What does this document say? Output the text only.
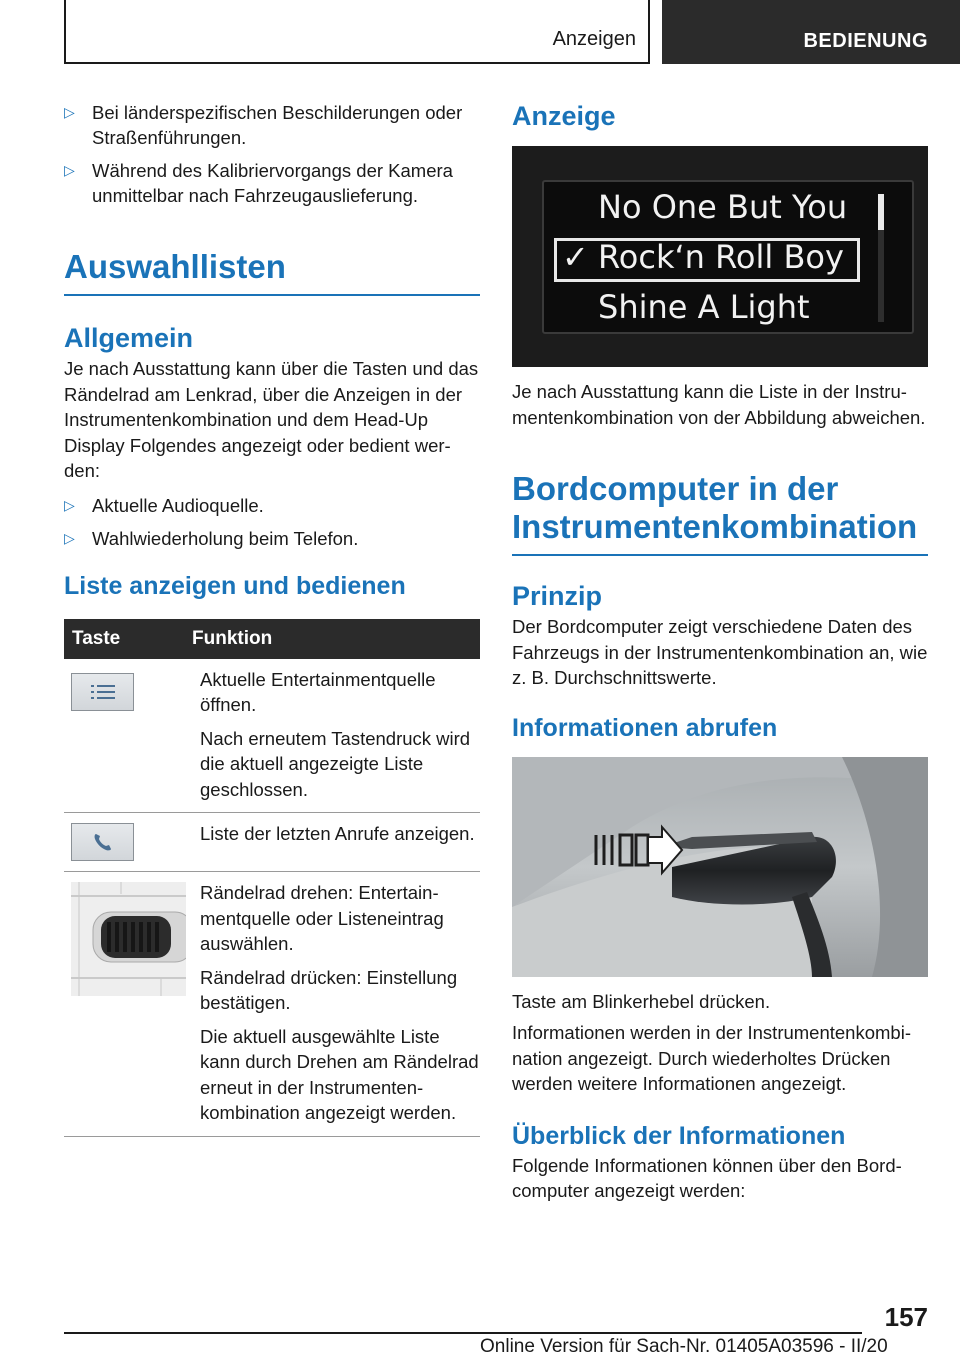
Anzeigen	BEDIENUNG
▷ Bei länderspezifischen Beschilderungen oder Straßenführungen.
▷ Während des Kalibriervorgangs der Kamera unmittelbar nach Fahrzeugauslieferung.
Auswahllisten
Allgemein

Je nach Ausstattung kann über die Tasten und das Rändelrad am Lenkrad, über die Anzeigen in der Instrumentenkombination und dem Head-Up Display Folgendes angezeigt oder bedient werden:

▷ Aktuelle Audioquelle.
▷ Wahlwiederholung beim Telefon.
Liste anzeigen und bedienen
Taste	Funktion
Aktuelle Entertainmentquelle öffnen.
Nach erneutem Tastendruck wird die aktuell angezeigte Liste geschlossen.
Liste der letzten Anrufe anzeigen.
Rändelrad drehen: Entertainmentquelle oder Listeneintrag auswählen.
Rändelrad drücken: Einstellung bestätigen.
Die aktuell ausgewählte Liste kann durch Drehen am Rändelrad erneut in der Instrumentenkombination angezeigt werden.
Anzeige
No One But You
✓ Rock‘n Roll Boy
Shine A Light

Je nach Ausstattung kann die Liste in der Instrumentenkombination von der Abbildung abweichen.

Bordcomputer in der Instrumentenkombination
Prinzip

Der Bordcomputer zeigt verschiedene Daten des Fahrzeugs in der Instrumentenkombination an, wie z. B. Durchschnittswerte.

Informationen abrufen

Taste am Blinkerhebel drücken.

Informationen werden in der Instrumentenkombination angezeigt. Durch wiederholtes Drücken werden weitere Informationen angezeigt.

Überblick der Informationen

Folgende Informationen können über den Bordcomputer angezeigt werden:

157
Online Version für Sach-Nr. 01405A03596 - II/20
